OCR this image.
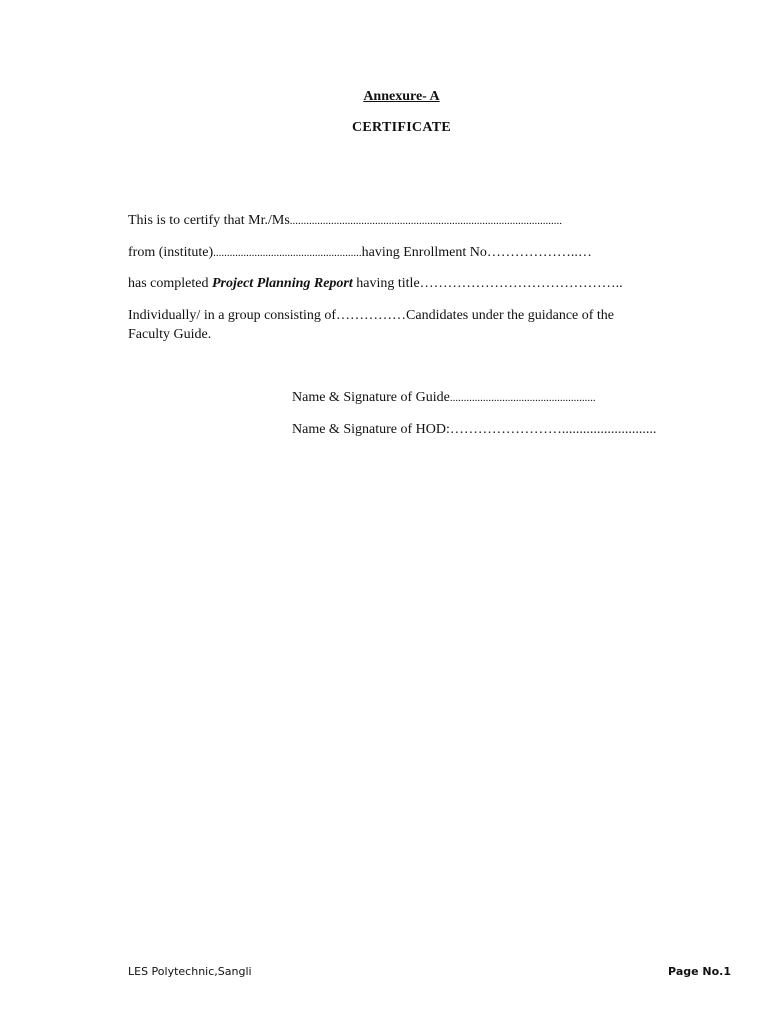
Annexure- A
CERTIFICATE
This is to certify that Mr./Ms...................................................................................................
from (institute)......................................................having Enrollment No………………..…
has completed Project Planning Report having title……………………………………..
Individually/ in a group consisting of……………Candidates under the guidance of the
Faculty Guide.
Name & Signature of Guide.....................................................
Name & Signature of HOD:……………………...........................
LES Polytechnic,Sangli	Page No.1
